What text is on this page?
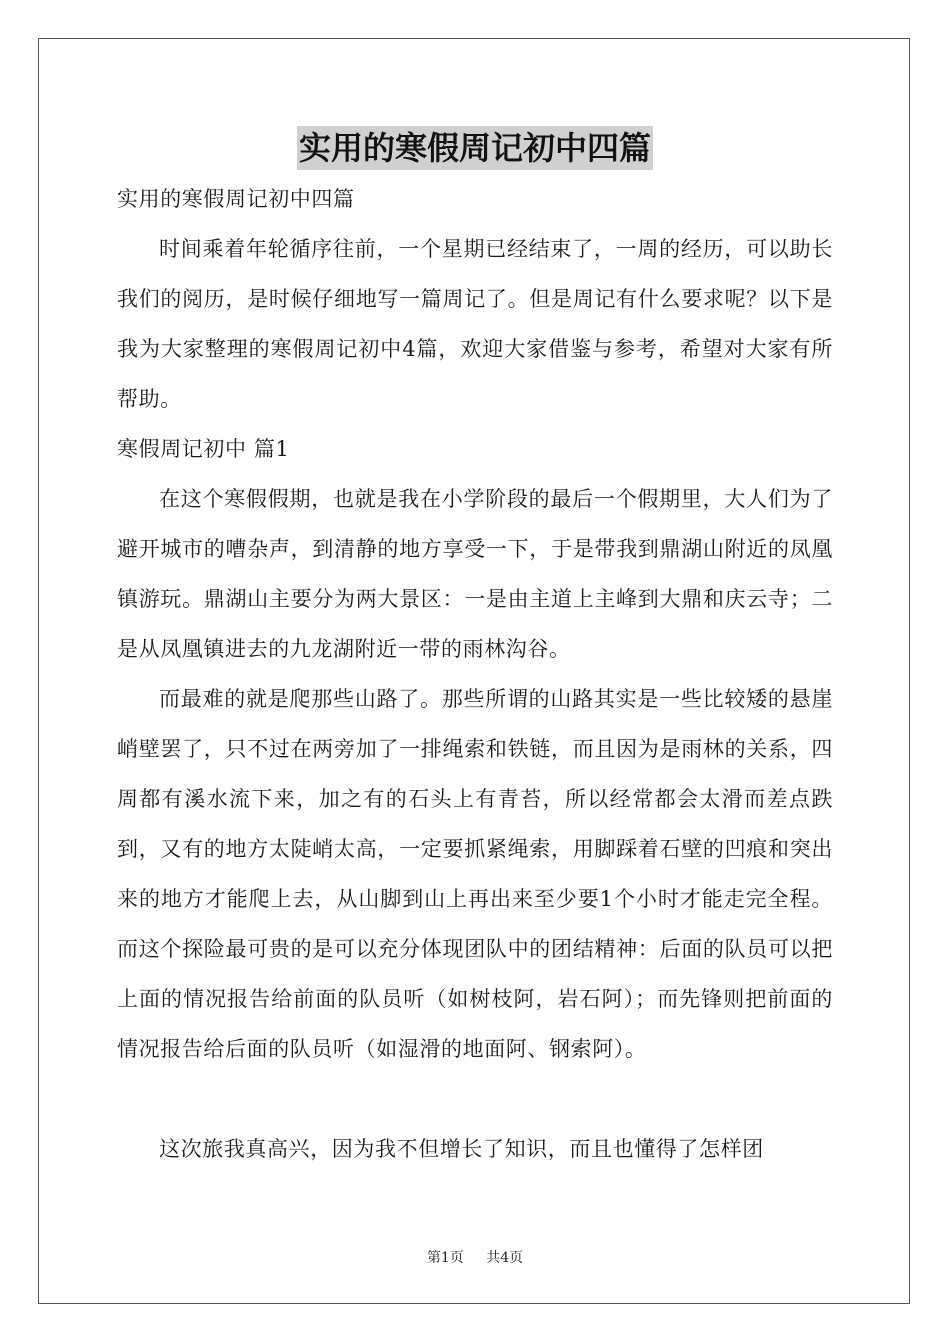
实用的寒假周记初中四篇
实用的寒假周记初中四篇
时间乘着年轮循序往前，一个星期已经结束了，一周的经历，可以助长我们的阅历，是时候仔细地写一篇周记了。但是周记有什么要求呢？以下是我为大家整理的寒假周记初中4篇，欢迎大家借鉴与参考，希望对大家有所帮助。
寒假周记初中 篇1
在这个寒假假期，也就是我在小学阶段的最后一个假期里，大人们为了避开城市的嘈杂声，到清静的地方享受一下，于是带我到鼎湖山附近的凤凰镇游玩。鼎湖山主要分为两大景区：一是由主道上主峰到大鼎和庆云寺；二是从凤凰镇进去的九龙湖附近一带的雨林沟谷。
而最难的就是爬那些山路了。那些所谓的山路其实是一些比较矮的悬崖峭壁罢了，只不过在两旁加了一排绳索和铁链，而且因为是雨林的关系，四周都有溪水流下来，加之有的石头上有青苔，所以经常都会太滑而差点跌到，又有的地方太陡峭太高，一定要抓紧绳索，用脚踩着石壁的凹痕和突出来的地方才能爬上去，从山脚到山上再出来至少要1个小时才能走完全程。而这个探险最可贵的是可以充分体现团队中的团结精神：后面的队员可以把上面的情况报告给前面的队员听（如树枝阿，岩石阿）；而先锋则把前面的情况报告给后面的队员听（如湿滑的地面阿、钢索阿）。
这次旅我真高兴，因为我不但增长了知识，而且也懂得了怎样团
第1页 共4页
